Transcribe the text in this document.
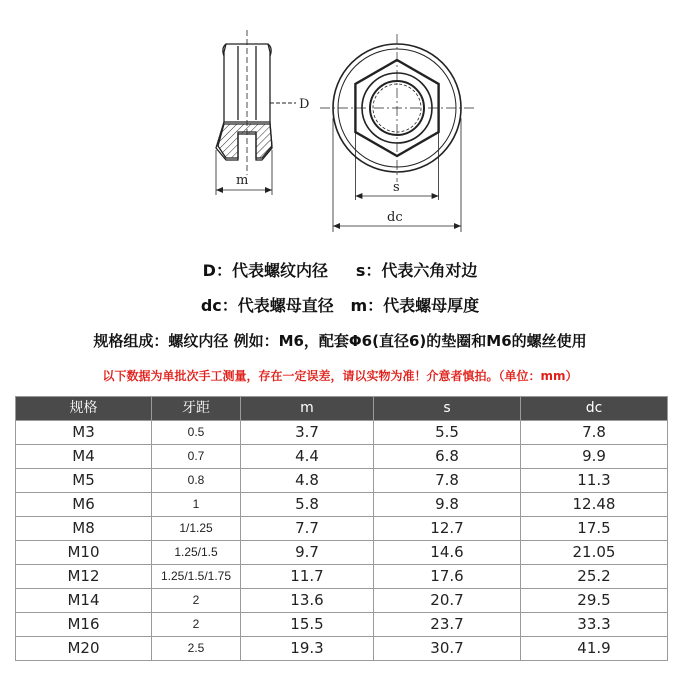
D
m	s
dc
D：代表螺纹内径 s：代表六角对边
dc：代表螺母直径 m：代表螺母厚度
规格组成：螺纹内径 例如：M6，配套Φ6(直径6)的垫圈和M6的螺丝使用
以下数据为单批次手工测量，存在一定误差，请以实物为准！介意者慎拍。（单位：mm）
规格	牙距	m	s	dc
M3	0.5	3.7	5.5	7.8
M4	0.7	4.4	6.8	9.9
M5	0.8	4.8	7.8	11.3
M6	1	5.8	9.8	12.48
M8	1/1.25	7.7	12.7	17.5
M10	1.25/1.5	9.7	14.6	21.05
M12	1.25/1.5/1.75	11.7	17.6	25.2
M14	2	13.6	20.7	29.5
M16	2	15.5	23.7	33.3
M20	2.5	19.3	30.7	41.9
